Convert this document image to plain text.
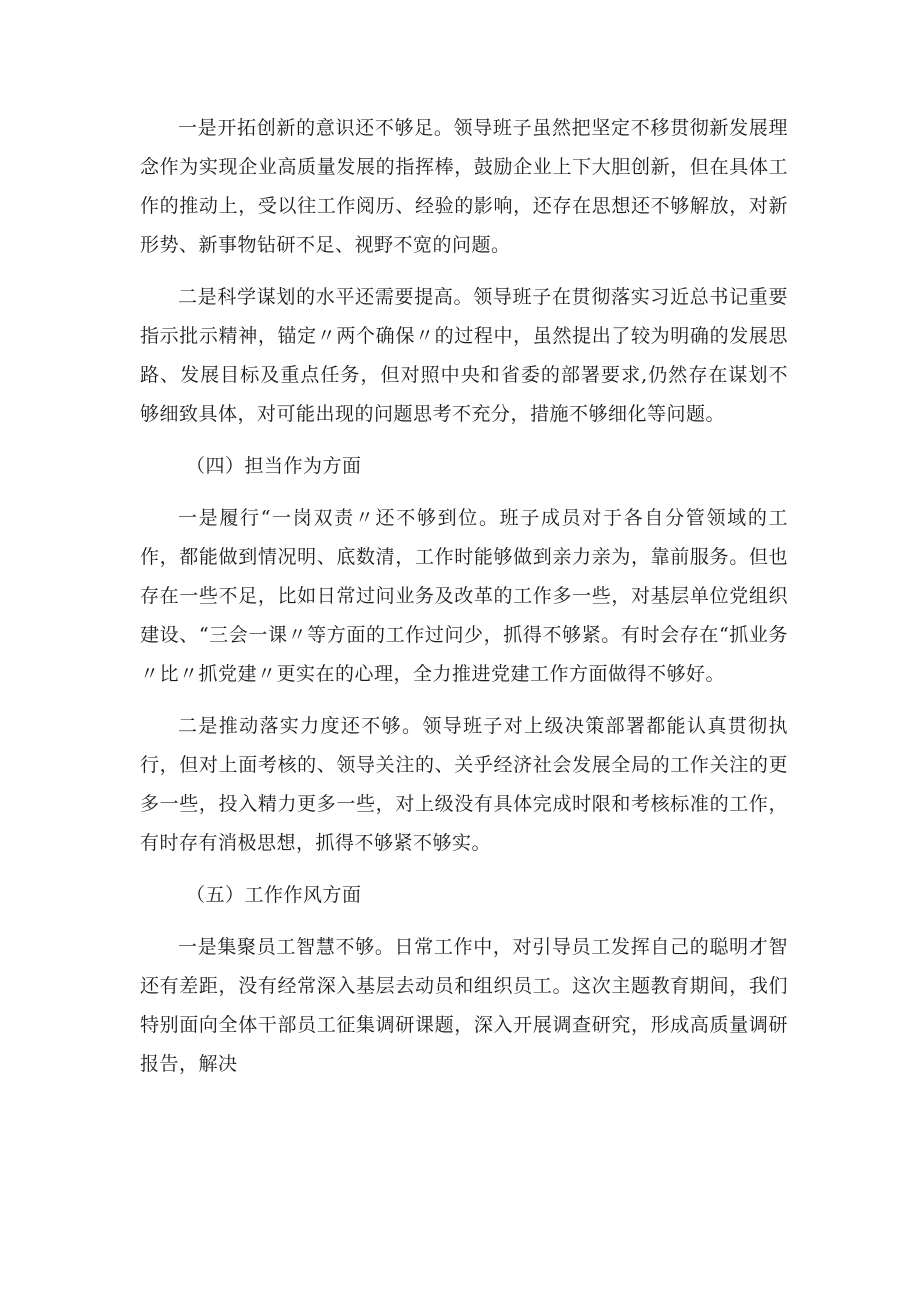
一是开拓创新的意识还不够足。领导班子虽然把坚定不移贯彻新发展理念作为实现企业高质量发展的指挥棒，鼓励企业上下大胆创新，但在具体工作的推动上，受以往工作阅历、经验的影响，还存在思想还不够解放，对新形势、新事物钻研不足、视野不宽的问题。

二是科学谋划的水平还需要提高。领导班子在贯彻落实习近总书记重要指示批示精神，锚定〃两个确保〃的过程中，虽然提出了较为明确的发展思路、发展目标及重点任务，但对照中央和省委的部署要求,仍然存在谋划不够细致具体，对可能出现的问题思考不充分，措施不够细化等问题。

（四）担当作为方面

一是履行“一岗双责〃还不够到位。班子成员对于各自分管领域的工作，都能做到情况明、底数清，工作时能够做到亲力亲为，靠前服务。但也存在一些不足，比如日常过问业务及改革的工作多一些，对基层单位党组织建设、“三会一课〃等方面的工作过问少，抓得不够紧。有时会存在“抓业务〃比〃抓党建〃更实在的心理，全力推进党建工作方面做得不够好。

二是推动落实力度还不够。领导班子对上级决策部署都能认真贯彻执行，但对上面考核的、领导关注的、关乎经济社会发展全局的工作关注的更多一些，投入精力更多一些，对上级没有具体完成时限和考核标准的工作，有时存有消极思想，抓得不够紧不够实。

（五）工作作风方面

一是集聚员工智慧不够。日常工作中，对引导员工发挥自己的聪明才智还有差距，没有经常深入基层去动员和组织员工。这次主题教育期间，我们特别面向全体干部员工征集调研课题，深入开展调查研究，形成高质量调研报告，解决
